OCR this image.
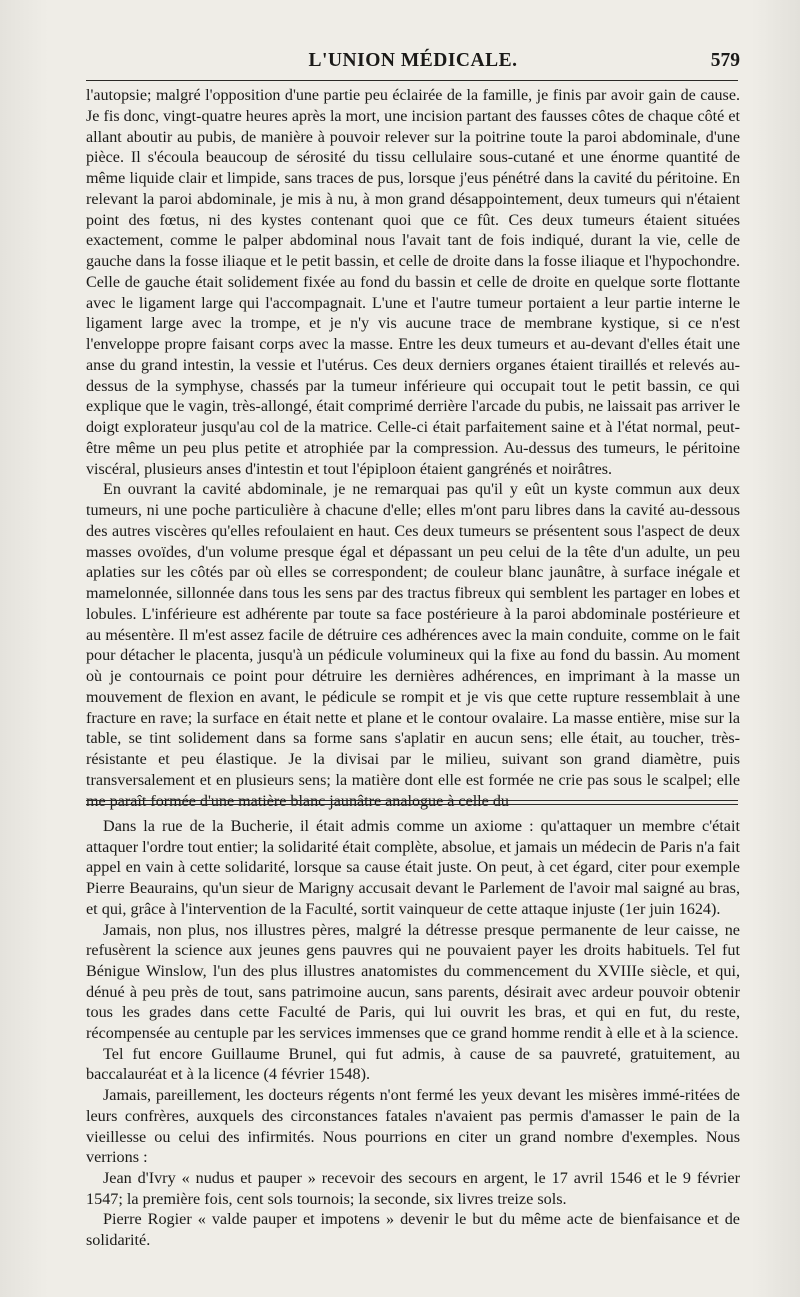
L'UNION MÉDICALE.	579

l'autopsie; malgré l'opposition d'une partie peu éclairée de la famille, je finis par avoir gain de cause. Je fis donc, vingt-quatre heures après la mort, une incision partant des fausses côtes de chaque côté et allant aboutir au pubis, de manière à pouvoir relever sur la poitrine toute la paroi abdominale, d'une pièce. Il s'écoula beaucoup de sérosité du tissu cellulaire sous-cutané et une énorme quantité de même liquide clair et limpide, sans traces de pus, lorsque j'eus pénétré dans la cavité du péritoine. En relevant la paroi abdominale, je mis à nu, à mon grand désappointement, deux tumeurs qui n'étaient point des fœtus, ni des kystes contenant quoi que ce fût. Ces deux tumeurs étaient situées exactement, comme le palper abdominal nous l'avait tant de fois indiqué, durant la vie, celle de gauche dans la fosse iliaque et le petit bassin, et celle de droite dans la fosse iliaque et l'hypochondre. Celle de gauche était solidement fixée au fond du bassin et celle de droite en quelque sorte flottante avec le ligament large qui l'accompagnait. L'une et l'autre tumeur portaient a leur partie interne le ligament large avec la trompe, et je n'y vis aucune trace de membrane kystique, si ce n'est l'enveloppe propre faisant corps avec la masse. Entre les deux tumeurs et au-devant d'elles était une anse du grand intestin, la vessie et l'utérus. Ces deux derniers organes étaient tiraillés et relevés au-dessus de la symphyse, chassés par la tumeur inférieure qui occupait tout le petit bassin, ce qui explique que le vagin, très-allongé, était comprimé derrière l'arcade du pubis, ne laissait pas arriver le doigt explorateur jusqu'au col de la matrice. Celle-ci était parfaitement saine et à l'état normal, peut-être même un peu plus petite et atrophiée par la compression. Au-dessus des tumeurs, le péritoine viscéral, plusieurs anses d'intestin et tout l'épiploon étaient gangrénés et noirâtres.

En ouvrant la cavité abdominale, je ne remarquai pas qu'il y eût un kyste commun aux deux tumeurs, ni une poche particulière à chacune d'elle; elles m'ont paru libres dans la cavité au-dessous des autres viscères qu'elles refoulaient en haut. Ces deux tumeurs se présentent sous l'aspect de deux masses ovoïdes, d'un volume presque égal et dépassant un peu celui de la tête d'un adulte, un peu aplaties sur les côtés par où elles se correspondent; de couleur blanc jaunâtre, à surface inégale et mamelonnée, sillonnée dans tous les sens par des tractus fibreux qui semblent les partager en lobes et lobules. L'inférieure est adhérente par toute sa face postérieure à la paroi abdominale postérieure et au mésentère. Il m'est assez facile de détruire ces adhérences avec la main conduite, comme on le fait pour détacher le placenta, jusqu'à un pédicule volumineux qui la fixe au fond du bassin. Au moment où je contournais ce point pour détruire les dernières adhérences, en imprimant à la masse un mouvement de flexion en avant, le pédicule se rompit et je vis que cette rupture ressemblait à une fracture en rave; la surface en était nette et plane et le contour ovalaire. La masse entière, mise sur la table, se tint solidement dans sa forme sans s'aplatir en aucun sens; elle était, au toucher, très-résistante et peu élastique. Je la divisai par le milieu, suivant son grand diamètre, puis transversalement et en plusieurs sens; la matière dont elle est formée ne crie pas sous le scalpel; elle me paraît formée d'une matière blanc jaunâtre analogue à celle du

Dans la rue de la Bucherie, il était admis comme un axiome : qu'attaquer un membre c'était attaquer l'ordre tout entier; la solidarité était complète, absolue, et jamais un médecin de Paris n'a fait appel en vain à cette solidarité, lorsque sa cause était juste. On peut, à cet égard, citer pour exemple Pierre Beaurains, qu'un sieur de Marigny accusait devant le Parlement de l'avoir mal saigné au bras, et qui, grâce à l'intervention de la Faculté, sortit vainqueur de cette attaque injuste (1er juin 1624).

Jamais, non plus, nos illustres pères, malgré la détresse presque permanente de leur caisse, ne refusèrent la science aux jeunes gens pauvres qui ne pouvaient payer les droits habituels. Tel fut Bénigue Winslow, l'un des plus illustres anatomistes du commencement du XVIIIe siècle, et qui, dénué à peu près de tout, sans patrimoine aucun, sans parents, désirait avec ardeur pouvoir obtenir tous les grades dans cette Faculté de Paris, qui lui ouvrit les bras, et qui en fut, du reste, récompensée au centuple par les services immenses que ce grand homme rendit à elle et à la science.

Tel fut encore Guillaume Brunel, qui fut admis, à cause de sa pauvreté, gratuitement, au baccalauréat et à la licence (4 février 1548).

Jamais, pareillement, les docteurs régents n'ont fermé les yeux devant les misères immé-ritées de leurs confrères, auxquels des circonstances fatales n'avaient pas permis d'amasser le pain de la vieillesse ou celui des infirmités. Nous pourrions en citer un grand nombre d'exemples. Nous verrions :

Jean d'Ivry « nudus et pauper » recevoir des secours en argent, le 17 avril 1546 et le 9 février 1547; la première fois, cent sols tournois; la seconde, six livres treize sols.

Pierre Rogier « valde pauper et impotens » devenir le but du même acte de bienfaisance et de solidarité.
